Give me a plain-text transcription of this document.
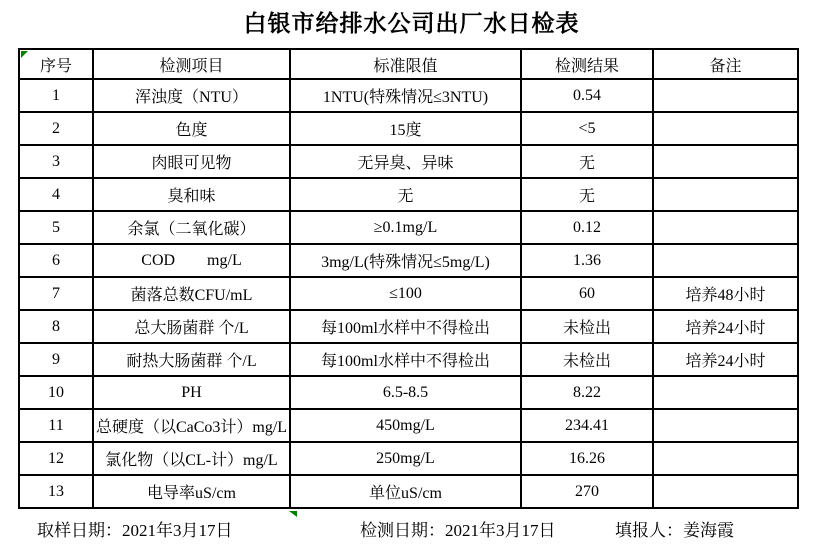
白银市给排水公司出厂水日检表
序号	检测项目	标准限值	检测结果	备注
1	浑浊度（NTU）	1NTU(特殊情况≤3NTU)	0.54	
2	色度	15度	<5	
3	肉眼可见物	无异臭、异味	无	
4	臭和味	无	无	
5	余氯（二氧化碳）	≥0.1mg/L	0.12	
6	COD        mg/L	3mg/L(特殊情况≤5mg/L)	1.36	
7	菌落总数CFU/mL	≤100	60	培养48小时
8	总大肠菌群 个/L	每100ml水样中不得检出	未检出	培养24小时
9	耐热大肠菌群 个/L	每100ml水样中不得检出	未检出	培养24小时
10	PH	6.5-8.5	8.22	
11	总硬度（以CaCo3计）mg/L	450mg/L	234.41	
12	氯化物（以CL-计）mg/L	250mg/L	16.26	
13	电导率uS/cm	单位uS/cm	270	
取样日期：2021年3月17日	检测日期：2021年3月17日	填报人：姜海霞
